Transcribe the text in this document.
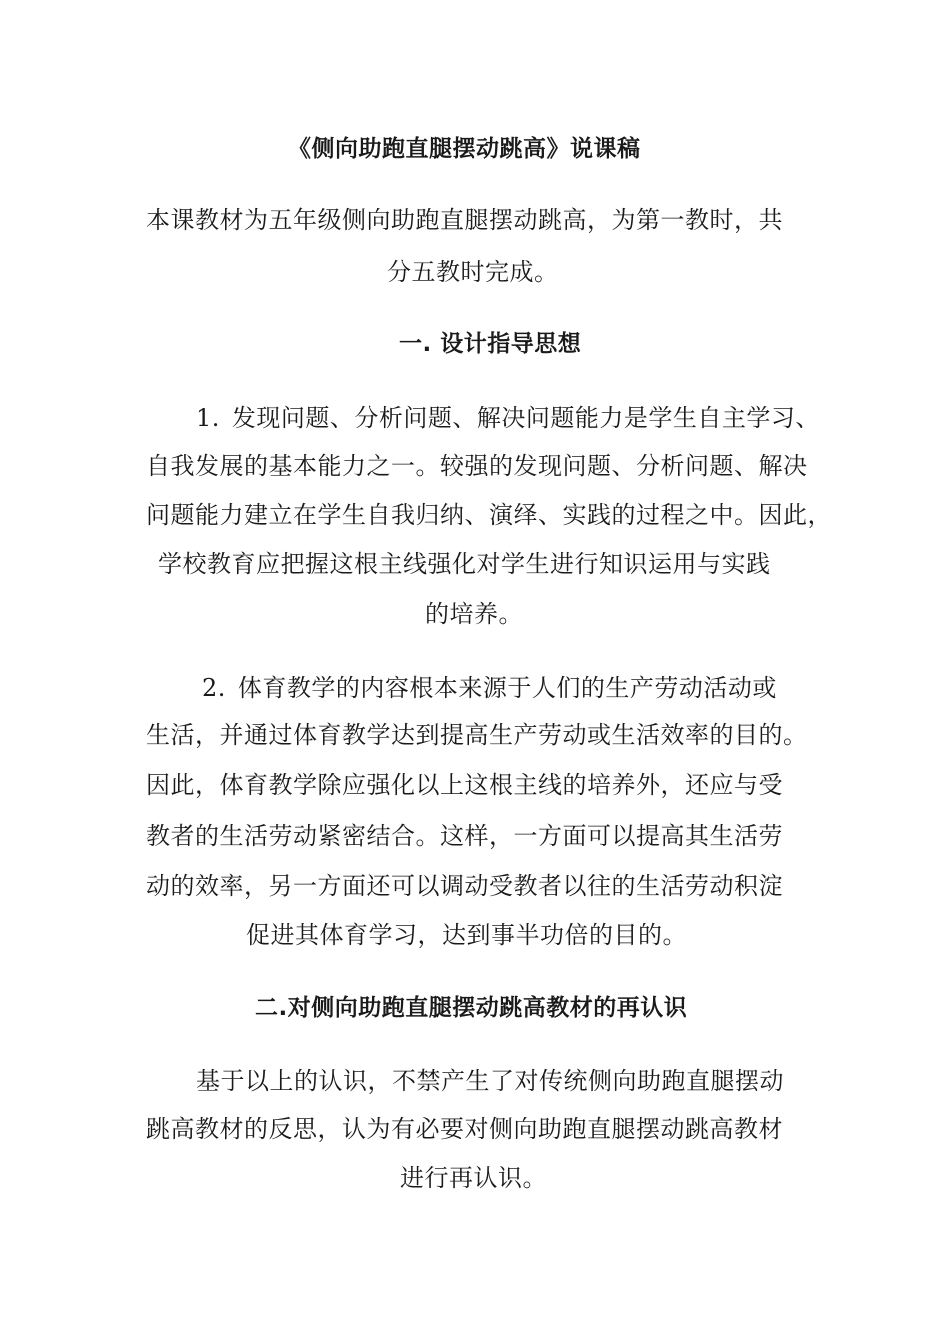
《侧向助跑直腿摆动跳高》说课稿
本课教材为五年级侧向助跑直腿摆动跳高，为第一教时，共
分五教时完成。
一. 设计指导思想
1. 发现问题、分析问题、解决问题能力是学生自主学习、
自我发展的基本能力之一。较强的发现问题、分析问题、解决
问题能力建立在学生自我归纳、演绎、实践的过程之中。因此，
学校教育应把握这根主线强化对学生进行知识运用与实践
的培养。
2. 体育教学的内容根本来源于人们的生产劳动活动或
生活，并通过体育教学达到提高生产劳动或生活效率的目的。
因此，体育教学除应强化以上这根主线的培养外，还应与受
教者的生活劳动紧密结合。这样，一方面可以提高其生活劳
动的效率，另一方面还可以调动受教者以往的生活劳动积淀
促进其体育学习，达到事半功倍的目的。
二.对侧向助跑直腿摆动跳高教材的再认识
基于以上的认识，不禁产生了对传统侧向助跑直腿摆动
跳高教材的反思，认为有必要对侧向助跑直腿摆动跳高教材
进行再认识。
